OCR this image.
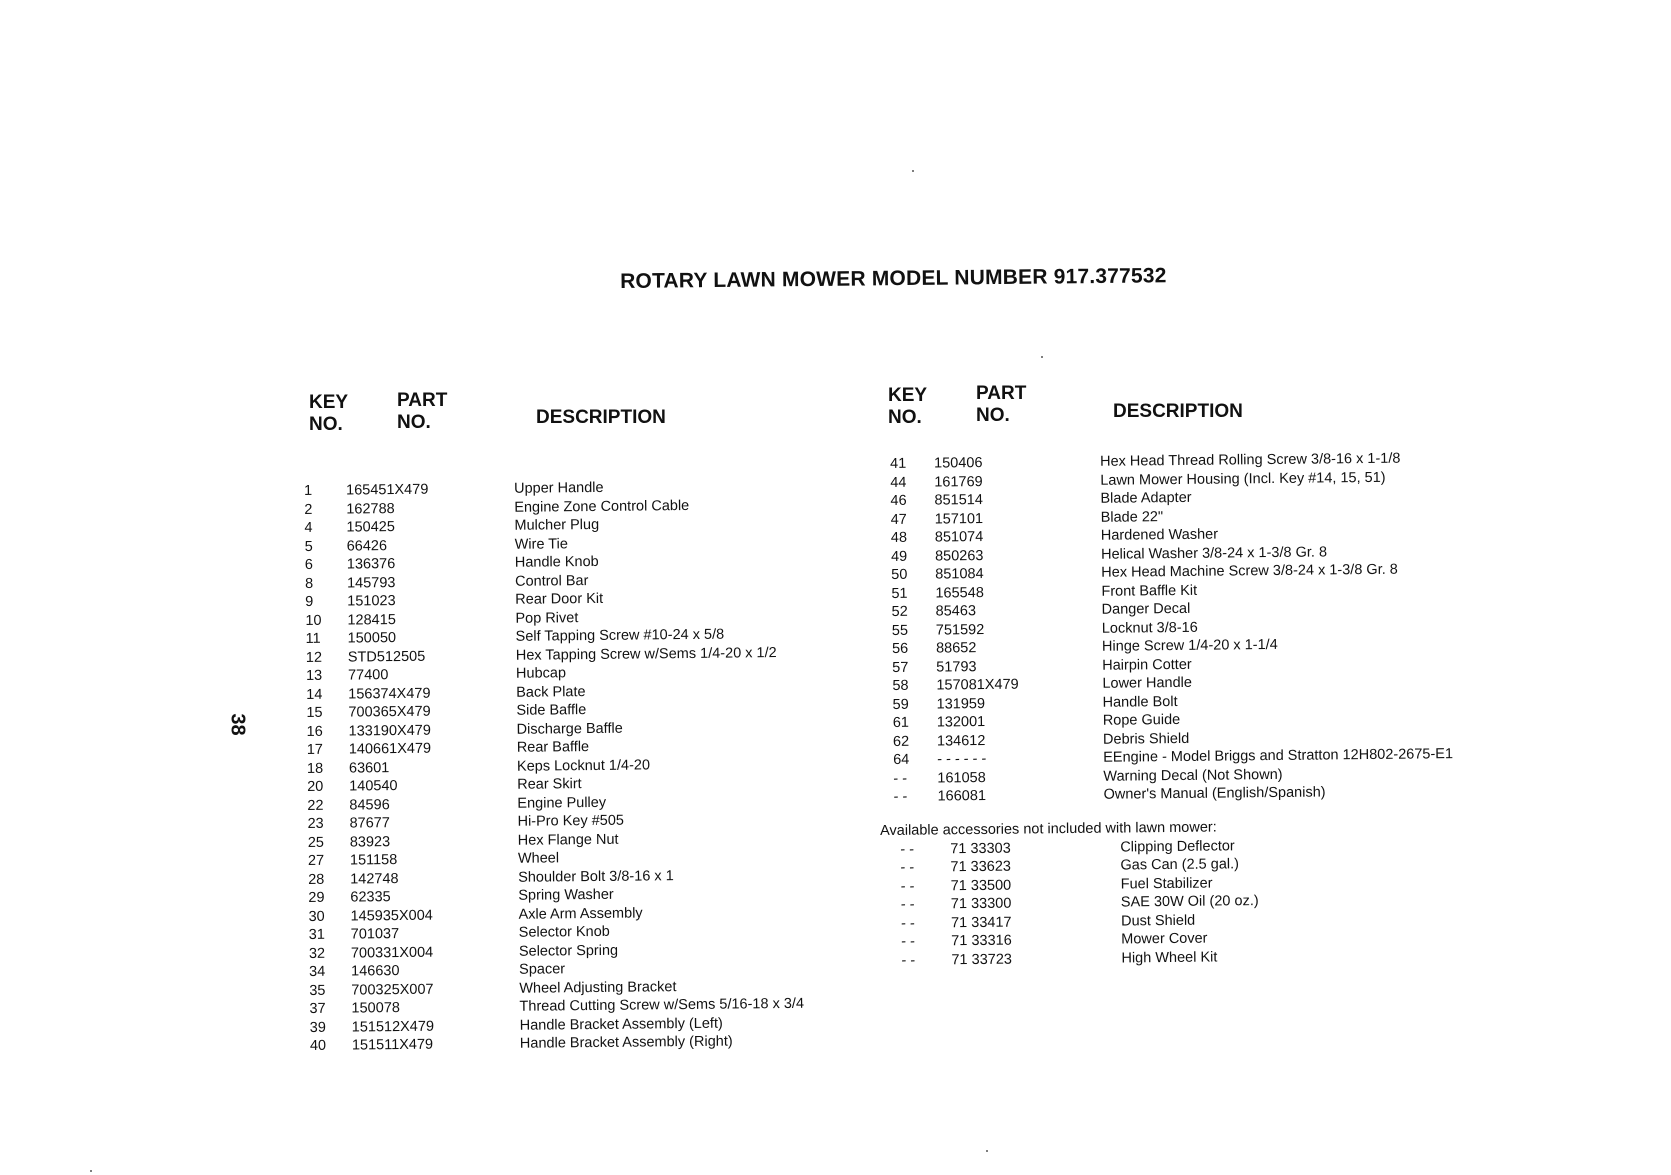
ROTARY LAWN MOWER MODEL NUMBER 917.377532
KEY
NO.
PART
NO.	DESCRIPTION
KEY
NO.
PART
NO.	DESCRIPTION
1 165451X479	Upper Handle
2 162788	Engine Zone Control Cable
4 150425	Mulcher Plug
5 66426	Wire Tie
6 136376	Handle Knob
8 145793	Control Bar
9 151023	Rear Door Kit
10 128415	Pop Rivet
11 150050	Self Tapping Screw #10-24 x 5/8
12 STD512505	Hex Tapping Screw w/Sems 1/4-20 x 1/2
13 77400	Hubcap
14 156374X479	Back Plate
15 700365X479	Side Baffle
16 133190X479	Discharge Baffle
17 140661X479	Rear Baffle
18 63601	Keps Locknut 1/4-20
20 140540	Rear Skirt
22 84596	Engine Pulley
23 87677	Hi-Pro Key #505
25 83923	Hex Flange Nut
27 151158	Wheel
28 142748	Shoulder Bolt 3/8-16 x 1
29 62335	Spring Washer
30 145935X004	Axle Arm Assembly
31 701037	Selector Knob
32 700331X004	Selector Spring
34 146630	Spacer
35 700325X007	Wheel Adjusting Bracket
37 150078	Thread Cutting Screw w/Sems 5/16-18 x 3/4
39 151512X479	Handle Bracket Assembly (Left)
40 151511X479	Handle Bracket Assembly (Right)
41 150406	Hex Head Thread Rolling Screw 3/8-16 x 1-1/8
44 161769	Lawn Mower Housing (Incl. Key #14, 15, 51)
46 851514	Blade Adapter
47 157101	Blade 22"
48 851074	Hardened Washer
49 850263	Helical Washer 3/8-24 x 1-3/8 Gr. 8
50 851084	Hex Head Machine Screw 3/8-24 x 1-3/8 Gr. 8
51 165548	Front Baffle Kit
52 85463	Danger Decal
55 751592	Locknut 3/8-16
56 88652	Hinge Screw 1/4-20 x 1-1/4
57 51793	Hairpin Cotter
58 157081X479	Lower Handle
59 131959	Handle Bolt
61 132001	Rope Guide
62 134612	Debris Shield
64 - - - - - -	EEngine - Model Briggs and Stratton 12H802-2675-E1
- - 161058	Warning Decal (Not Shown)
- - 166081	Owner's Manual (English/Spanish)
Available accessories not included with lawn mower:
- - 71 33303	Clipping Deflector
- - 71 33623	Gas Can (2.5 gal.)
- - 71 33500	Fuel Stabilizer
- - 71 33300	SAE 30W Oil (20 oz.)
- - 71 33417	Dust Shield
- - 71 33316	Mower Cover
- - 71 33723	High Wheel Kit
38
